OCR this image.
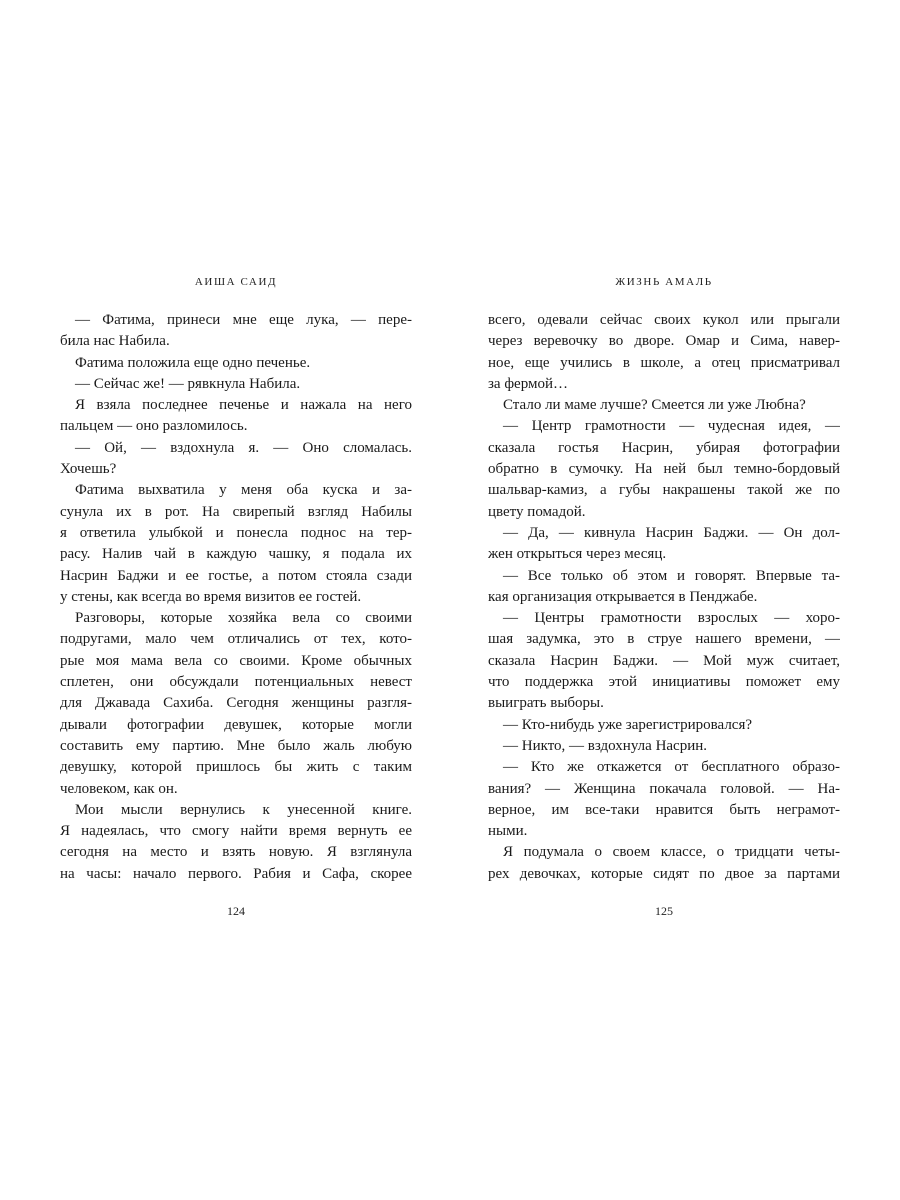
АИША САИД
— Фатима, принеси мне еще лука, — пере-
била нас Набила.
Фатима положила еще одно печенье.
— Сейчас же! — рявкнула Набила.
Я взяла последнее печенье и нажала на него
пальцем — оно разломилось.
— Ой, — вздохнула я. — Оно сломалась.
Хочешь?
Фатима выхватила у меня оба куска и за-
сунула их в рот. На свирепый взгляд Набилы
я ответила улыбкой и понесла поднос на тер-
расу. Налив чай в каждую чашку, я подала их
Насрин Баджи и ее гостье, а потом стояла сзади
у стены, как всегда во время визитов ее гостей.
Разговоры, которые хозяйка вела со своими
подругами, мало чем отличались от тех, кото-
рые моя мама вела со своими. Кроме обычных
сплетен, они обсуждали потенциальных невест
для Джавада Сахиба. Сегодня женщины разгля-
дывали фотографии девушек, которые могли
составить ему партию. Мне было жаль любую
девушку, которой пришлось бы жить с таким
человеком, как он.
Мои мысли вернулись к унесенной книге.
Я надеялась, что смогу найти время вернуть ее
сегодня на место и взять новую. Я взглянула
на часы: начало первого. Рабия и Сафа, скорее
124
ЖИЗНЬ АМАЛЬ
всего, одевали сейчас своих кукол или прыгали
через веревочку во дворе. Омар и Сима, навер-
ное, еще учились в школе, а отец присматривал
за фермой…
Стало ли маме лучше? Смеется ли уже Любна?
— Центр грамотности — чудесная идея, —
сказала гостья Насрин, убирая фотографии
обратно в сумочку. На ней был темно-бордовый
шальвар-камиз, а губы накрашены такой же по
цвету помадой.
— Да, — кивнула Насрин Баджи. — Он дол-
жен открыться через месяц.
— Все только об этом и говорят. Впервые та-
кая организация открывается в Пенджабе.
— Центры грамотности взрослых — хоро-
шая задумка, это в струе нашего времени, —
сказала Насрин Баджи. — Мой муж считает,
что поддержка этой инициативы поможет ему
выиграть выборы.
— Кто-нибудь уже зарегистрировался?
— Никто, — вздохнула Насрин.
— Кто же откажется от бесплатного образо-
вания? — Женщина покачала головой. — На-
верное, им все-таки нравится быть неграмот-
ными.
Я подумала о своем классе, о тридцати четы-
рех девочках, которые сидят по двое за партами
125
